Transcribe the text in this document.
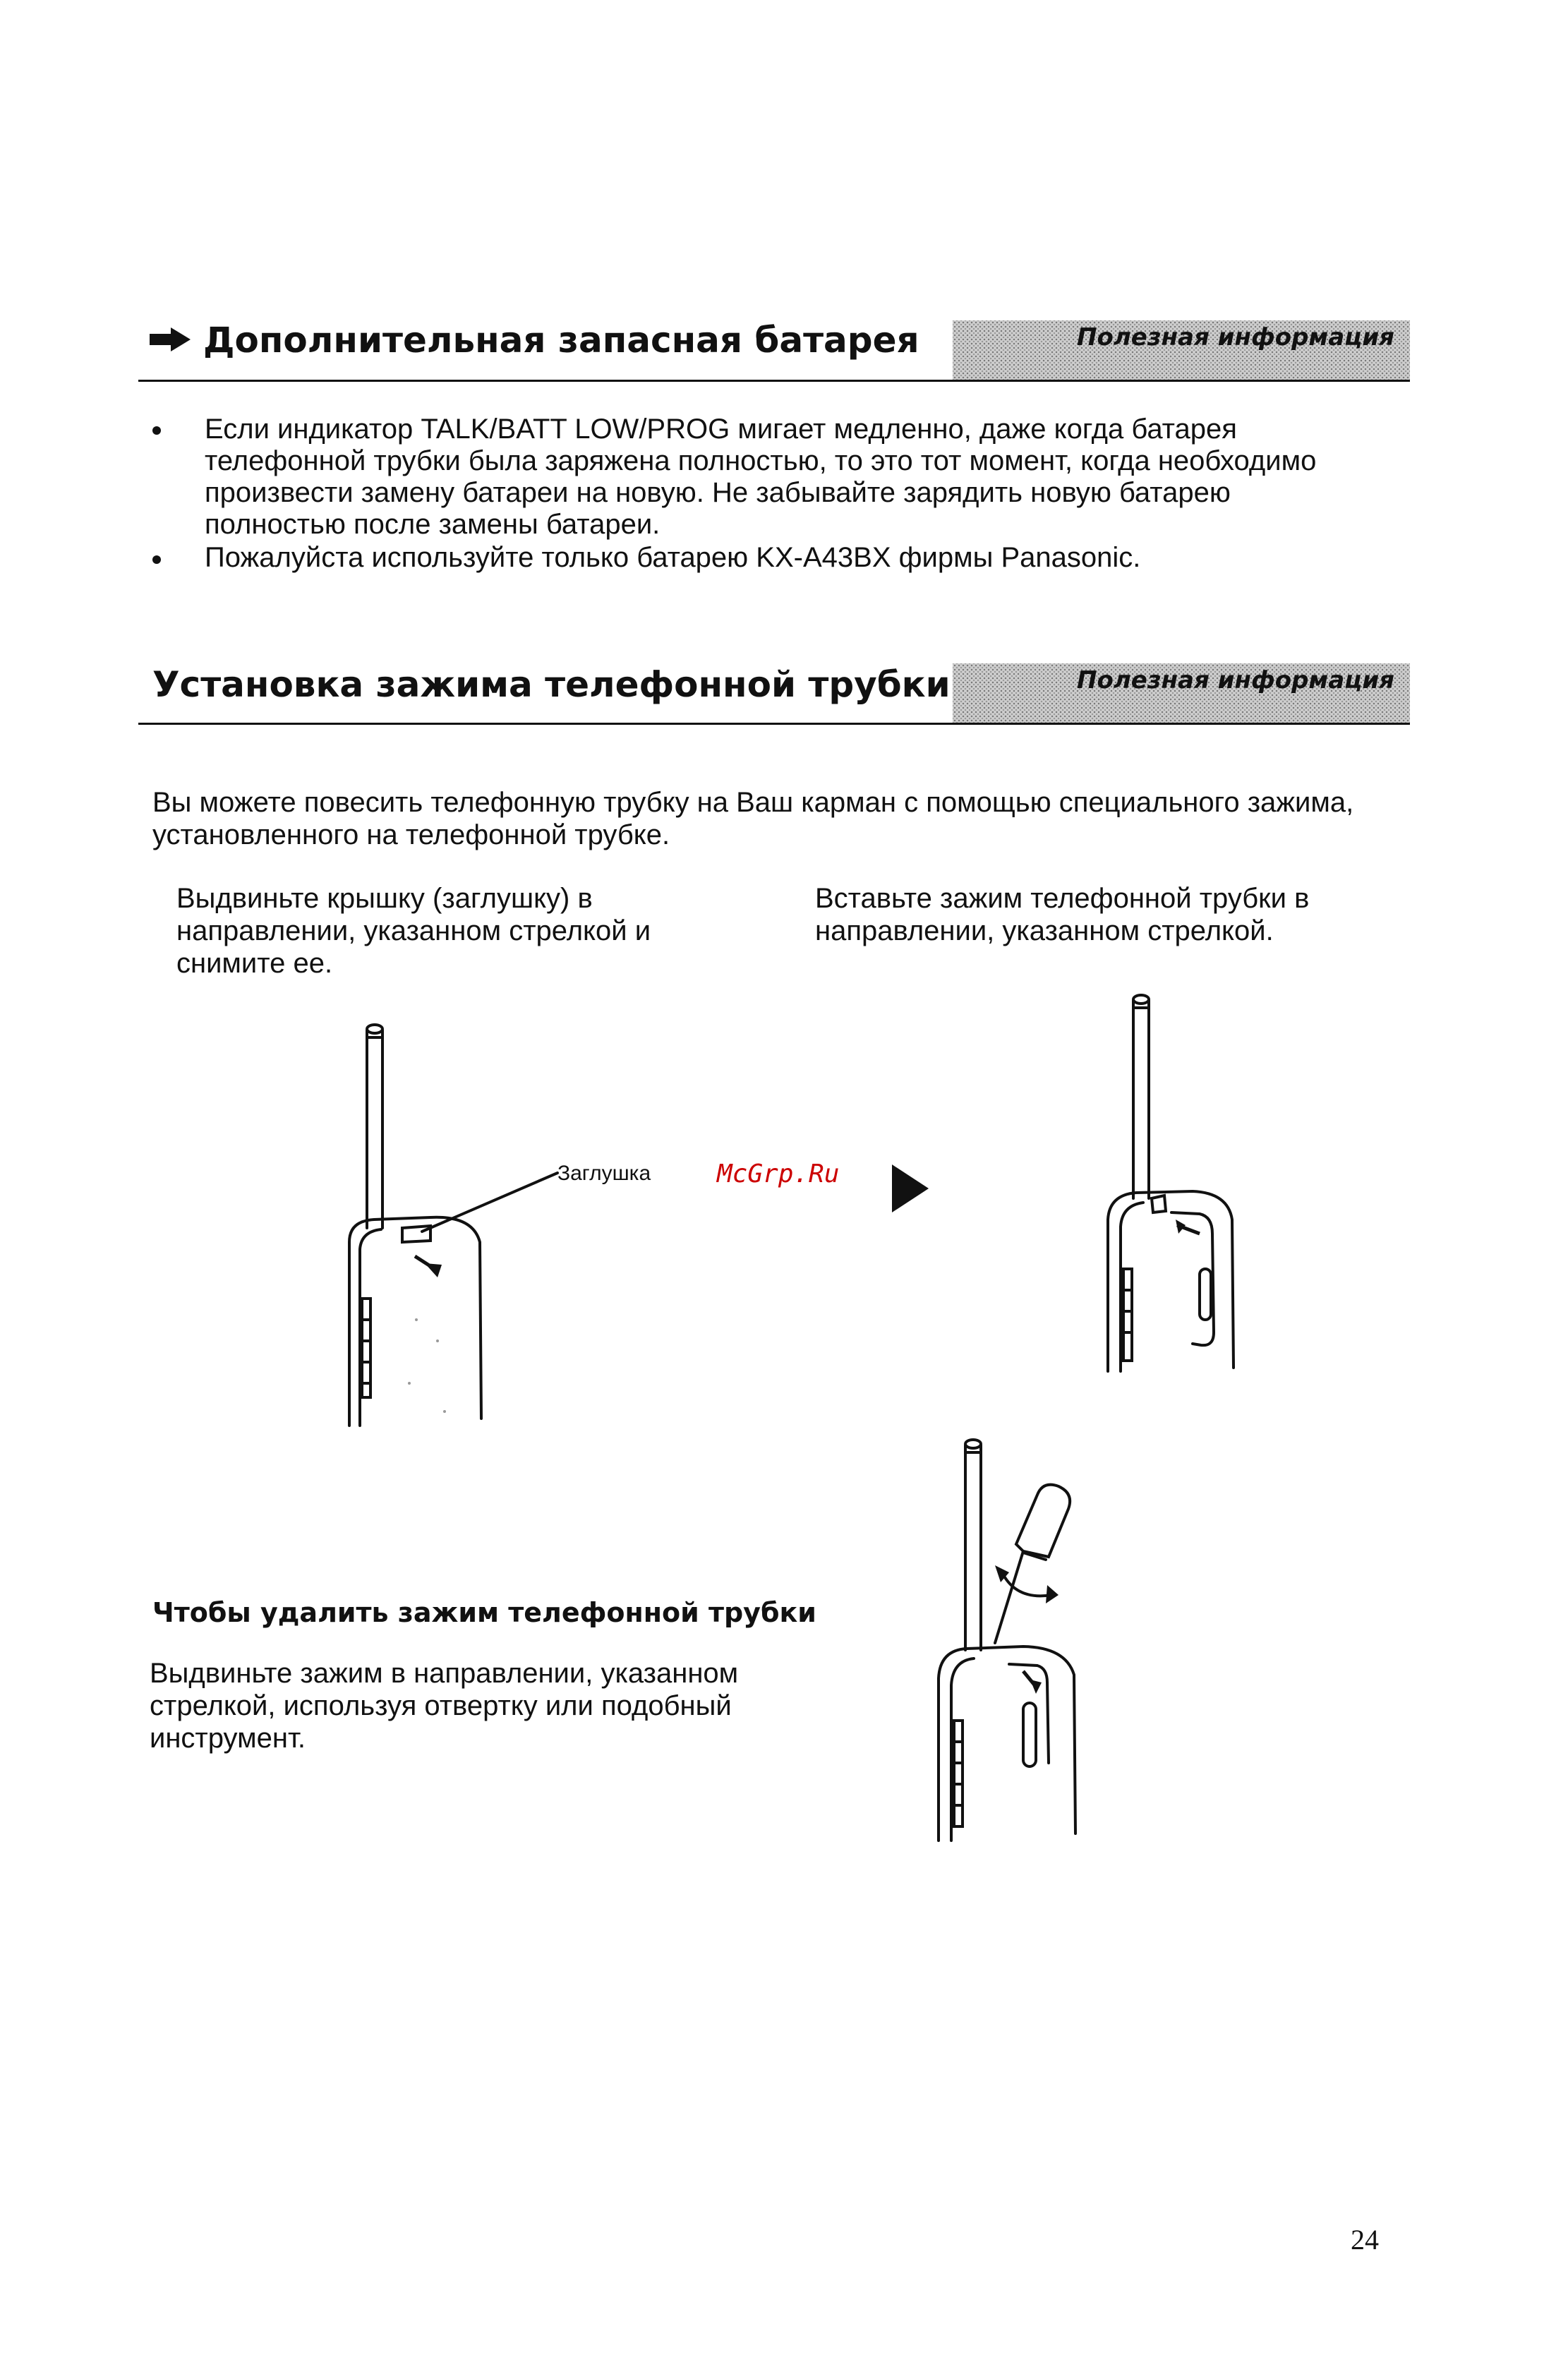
Дополнительная запасная батарея	Полезная информация
Если индикатор TALK/BATT LOW/PROG мигает медленно, даже когда батарея телефонной трубки была заряжена полностью, то это тот момент, когда необходимо произвести замену батареи на новую. Не забывайте зарядить новую батарею полностью после замены батареи.
Пожалуйста используйте только батарею KX-A43BX фирмы Panasonic.
Установка зажима телефонной трубки	Полезная информация
Вы можете повесить телефонную трубку на Ваш карман с помощью специального зажима, установленного на телефонной трубке.
Выдвиньте крышку (заглушку) в направлении, указанном стрелкой и снимите ее.
Вставьте зажим телефонной трубки в направлении, указанном стрелкой.
Заглушка	McGrp.Ru
Чтобы удалить зажим телефонной трубки
Выдвиньте зажим в направлении, указанном стрелкой, используя отвертку или подобный инструмент.
24
